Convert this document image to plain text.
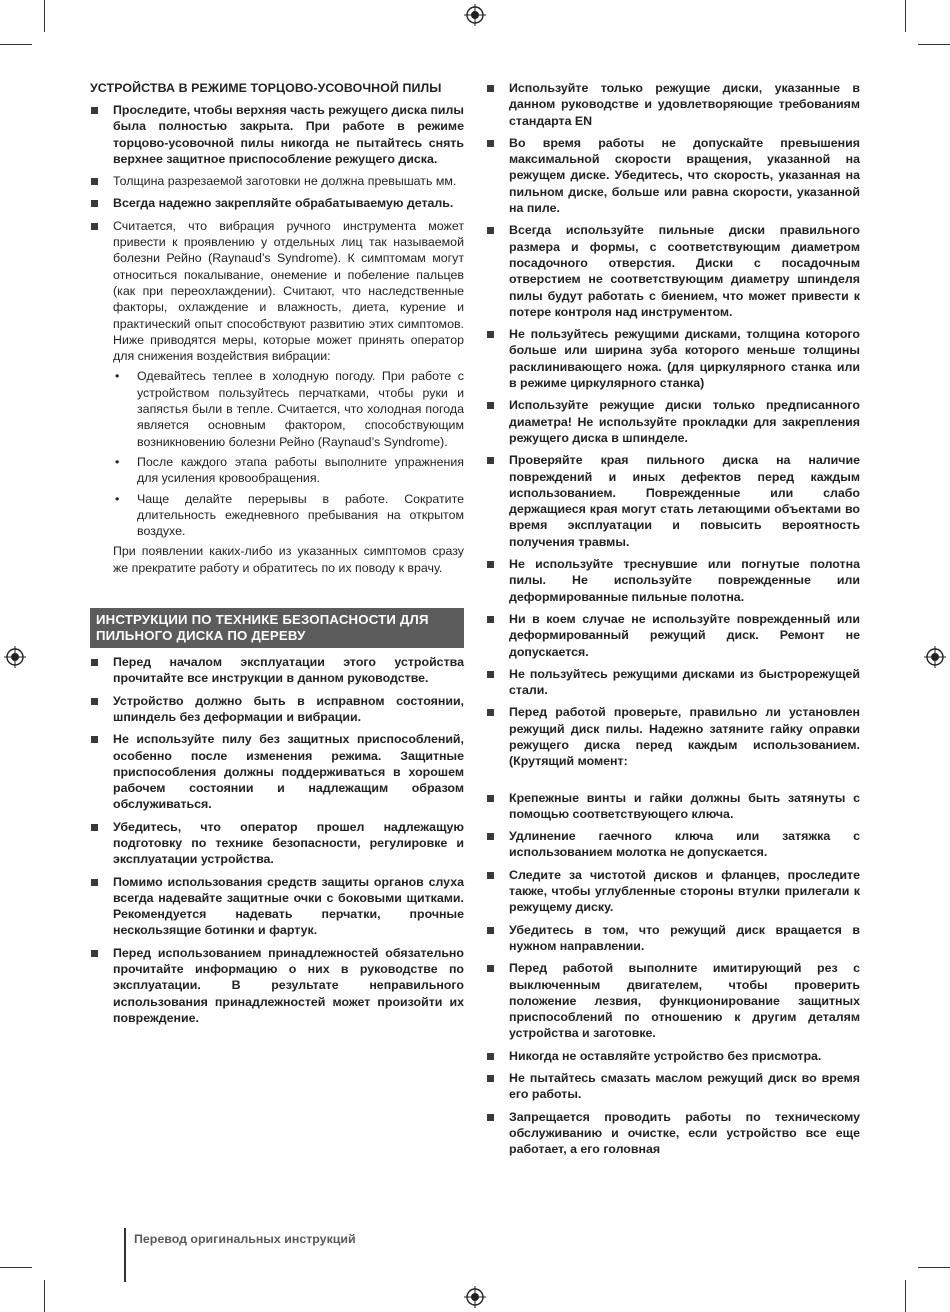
УСТРОЙСТВА В РЕЖИМЕ ТОРЦОВО-УСОВОЧНОЙ ПИЛЫ
Проследите, чтобы верхняя часть режущего диска пилы была полностью закрыта. При работе в режиме торцово-усовочной пилы никогда не пытайтесь снять верхнее защитное приспособление режущего диска.
Толщина разрезаемой заготовки не должна превышать мм.
Всегда надежно закрепляйте обрабатываемую деталь.
Считается, что вибрация ручного инструмента может привести к проявлению у отдельных лиц так называемой болезни Рейно (Raynaud’s Syndrome). К симптомам могут относиться покалывание, онемение и побеление пальцев (как при переохлаждении). Считают, что наследственные факторы, охлаждение и влажность, диета, курение и практический опыт способствуют развитию этих симптомов. Ниже приводятся меры, которые может принять оператор для снижения воздействия вибрации:
• Одевайтесь теплее в холодную погоду. При работе с устройством пользуйтесь перчатками, чтобы руки и запястья были в тепле. Считается, что холодная погода является основным фактором, способствующим возникновению болезни Рейно (Raynaud’s Syndrome).
• После каждого этапа работы выполните упражнения для усиления кровообращения.
• Чаще делайте перерывы в работе. Сократите длительность ежедневного пребывания на открытом воздухе.
При появлении каких-либо из указанных симптомов сразу же прекратите работу и обратитесь по их поводу к врачу.
ИНСТРУКЦИИ ПО ТЕХНИКЕ БЕЗОПАСНОСТИ ДЛЯ ПИЛЬНОГО ДИСКА ПО ДЕРЕВУ
Перед началом эксплуатации этого устройства прочитайте все инструкции в данном руководстве.
Устройство должно быть в исправном состоянии, шпиндель без деформации и вибрации.
Не используйте пилу без защитных приспособлений, особенно после изменения режима. Защитные приспособления должны поддерживаться в хорошем рабочем состоянии и надлежащим образом обслуживаться.
Убедитесь, что оператор прошел надлежащую подготовку по технике безопасности, регулировке и эксплуатации устройства.
Помимо использования средств защиты органов слуха всегда надевайте защитные очки с боковыми щитками. Рекомендуется надевать перчатки, прочные нескользящие ботинки и фартук.
Перед использованием принадлежностей обязательно прочитайте информацию о них в руководстве по эксплуатации. В результате неправильного использования принадлежностей может произойти их повреждение.
Используйте только режущие диски, указанные в данном руководстве и удовлетворяющие требованиям стандарта EN
Во время работы не допускайте превышения максимальной скорости вращения, указанной на режущем диске. Убедитесь, что скорость, указанная на пильном диске, больше или равна скорости, указанной на пиле.
Всегда используйте пильные диски правильного размера и формы, с соответствующим диаметром посадочного отверстия. Диски с посадочным отверстием не соответствующим диаметру шпинделя пилы будут работать с биением, что может привести к потере контроля над инструментом.
Не пользуйтесь режущими дисками, толщина которого больше или ширина зуба которого меньше толщины расклинивающего ножа. (для циркулярного станка или в режиме циркулярного станка)
Используйте режущие диски только предписанного диаметра! Не используйте прокладки для закрепления режущего диска в шпинделе.
Проверяйте края пильного диска на наличие повреждений и иных дефектов перед каждым использованием. Поврежденные или слабо держащиеся края могут стать летающими объектами во время эксплуатации и повысить вероятность получения травмы.
Не используйте треснувшие или погнутые полотна пилы. Не используйте поврежденные или деформированные пильные полотна.
Ни в коем случае не используйте поврежденный или деформированный режущий диск. Ремонт не допускается.
Не пользуйтесь режущими дисками из быстрорежущей стали.
Перед работой проверьте, правильно ли установлен режущий диск пилы. Надежно затяните гайку оправки режущего диска перед каждым использованием. (Крутящий момент:
Крепежные винты и гайки должны быть затянуты с помощью соответствующего ключа.
Удлинение гаечного ключа или затяжка с использованием молотка не допускается.
Следите за чистотой дисков и фланцев, проследите также, чтобы углубленные стороны втулки прилегали к режущему диску.
Убедитесь в том, что режущий диск вращается в нужном направлении.
Перед работой выполните имитирующий рез с выключенным двигателем, чтобы проверить положение лезвия, функционирование защитных приспособлений по отношению к другим деталям устройства и заготовке.
Никогда не оставляйте устройство без присмотра.
Не пытайтесь смазать маслом режущий диск во время его работы.
Запрещается проводить работы по техническому обслуживанию и очистке, если устройство все еще работает, а его головная
Перевод оригинальных инструкций
